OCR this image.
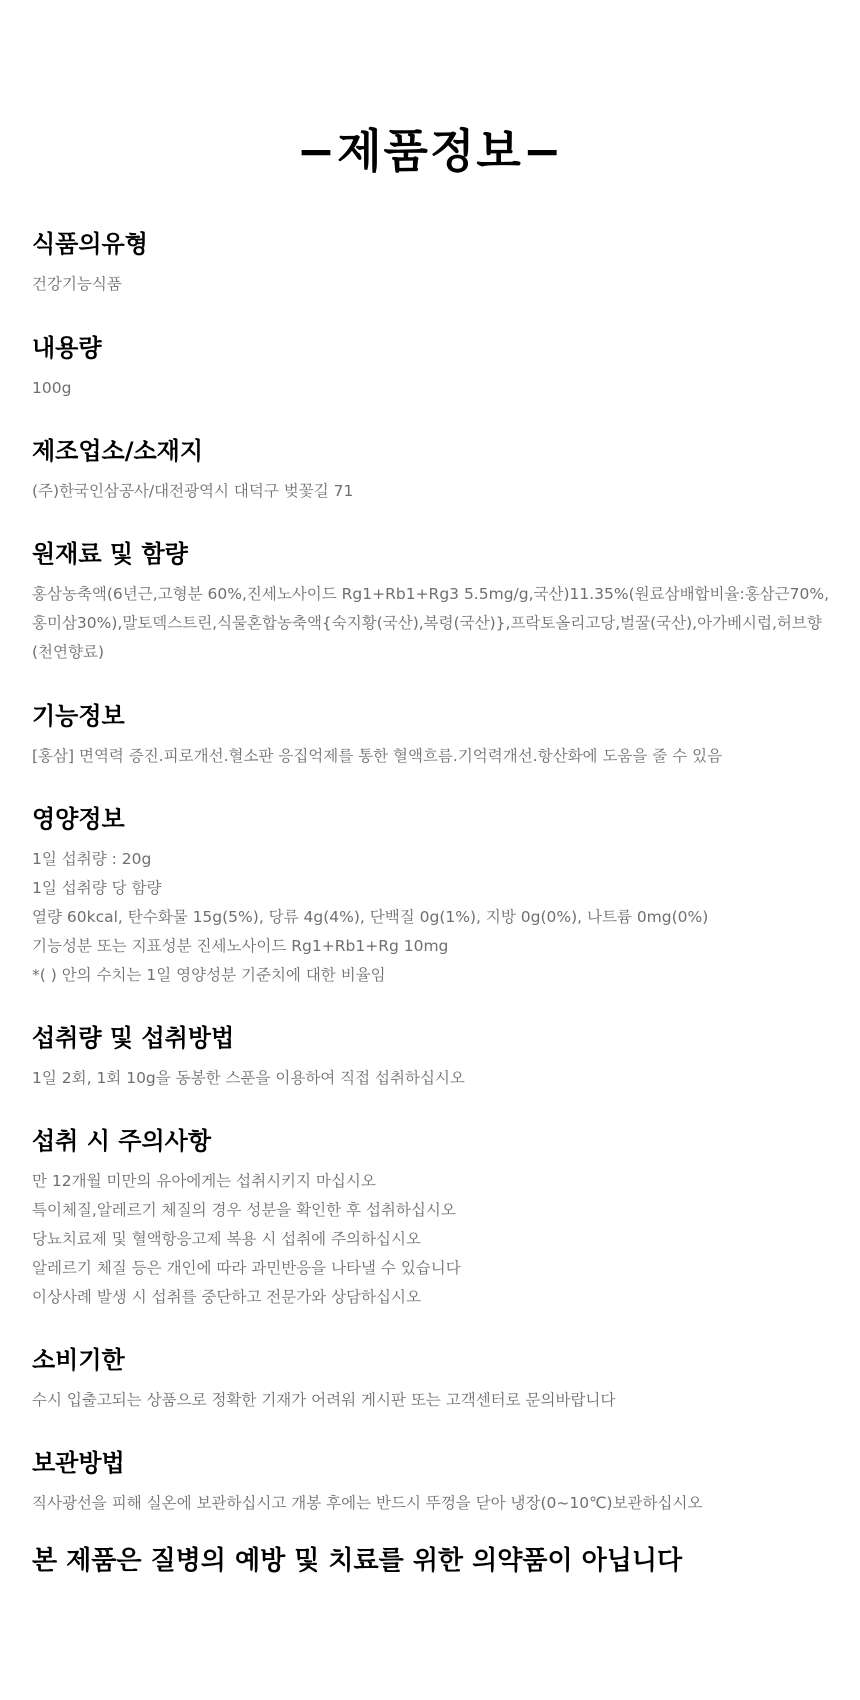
−제품정보−
식품의유형
건강기능식품
내용량
100g
제조업소/소재지
(주)한국인삼공사/대전광역시 대덕구 벚꽃길 71
원재료 및 함량
홍삼농축액(6년근,고형분 60%,진세노사이드 Rg1+Rb1+Rg3 5.5mg/g,국산)11.35%(원료삼배합비율:홍삼근70%,홍미삼30%),말토덱스트린,식물혼합농축액{숙지황(국산),복령(국산)},프락토올리고당,벌꿀(국산),아가베시럽,허브향(천연향료)
기능정보
[홍삼] 면역력 증진.피로개선.혈소판 응집억제를 통한 혈액흐름.기억력개선.항산화에 도움을 줄 수 있음
영양정보
1일 섭취량 : 20g
1일 섭취량 당 함량
열량 60kcal, 탄수화물 15g(5%), 당류 4g(4%), 단백질 0g(1%), 지방 0g(0%), 나트륨 0mg(0%)
기능성분 또는 지표성분 진세노사이드 Rg1+Rb1+Rg 10mg
*( ) 안의 수치는 1일 영양성분 기준치에 대한 비율임
섭취량 및 섭취방법
1일 2회, 1회 10g을 동봉한 스푼을 이용하여 직접 섭취하십시오
섭취 시 주의사항
만 12개월 미만의 유아에게는 섭취시키지 마십시오
특이체질,알레르기 체질의 경우 성분을 확인한 후 섭취하십시오
당뇨치료제 및 혈액항응고제 복용 시 섭취에 주의하십시오
알레르기 체질 등은 개인에 따라 과민반응을 나타낼 수 있습니다
이상사례 발생 시 섭취를 중단하고 전문가와 상담하십시오
소비기한
수시 입출고되는 상품으로 정확한 기재가 어려워 게시판 또는 고객센터로 문의바랍니다
보관방법
직사광선을 피해 실온에 보관하십시고 개봉 후에는 반드시 뚜껑을 닫아 냉장(0~10℃)보관하십시오
본 제품은 질병의 예방 및 치료를 위한 의약품이 아닙니다
